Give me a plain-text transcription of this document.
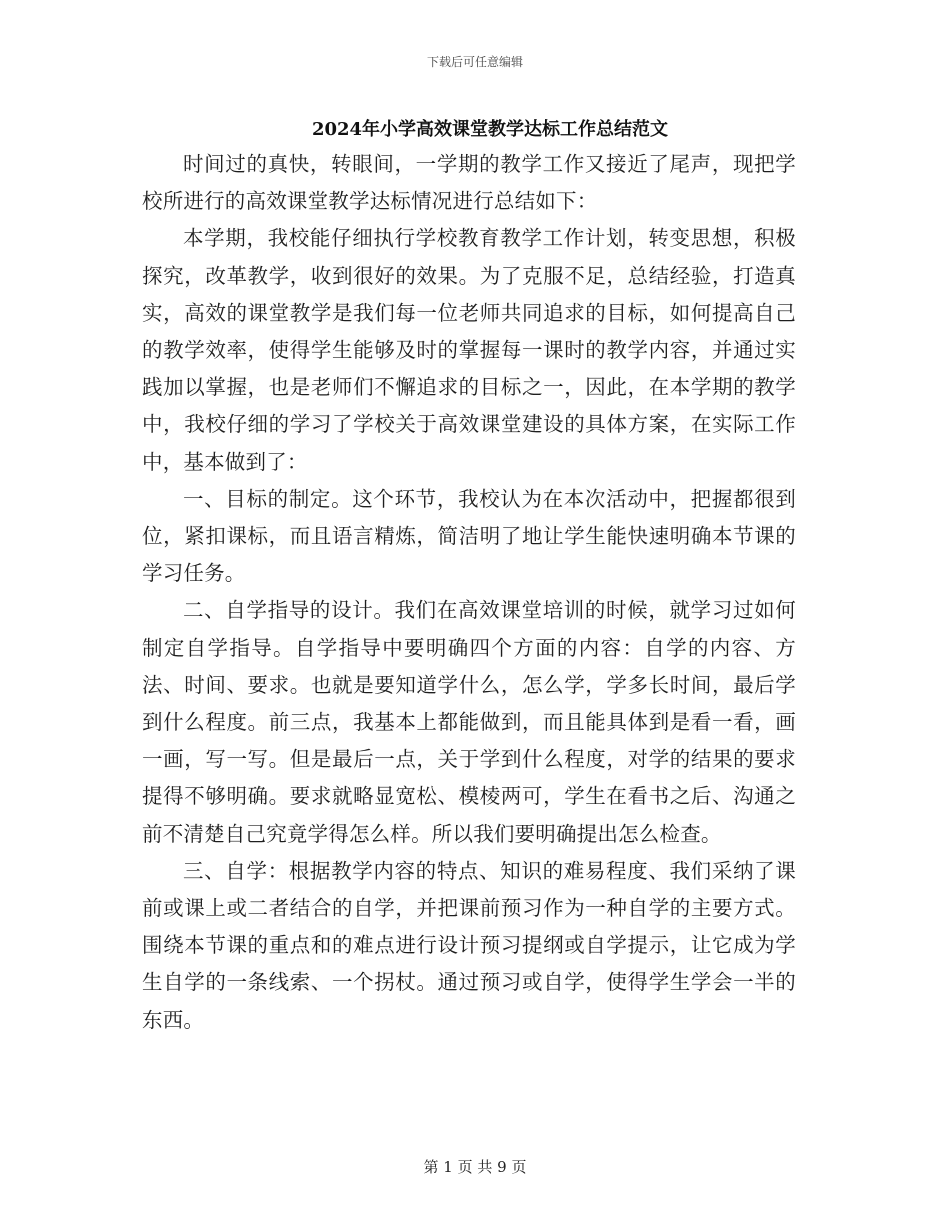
下载后可任意编辑
2024年小学高效课堂教学达标工作总结范文

时间过的真快，转眼间，一学期的教学工作又接近了尾声，现把学校所进行的高效课堂教学达标情况进行总结如下：

本学期，我校能仔细执行学校教育教学工作计划，转变思想，积极探究，改革教学，收到很好的效果。为了克服不足，总结经验，打造真实，高效的课堂教学是我们每一位老师共同追求的目标，如何提高自己的教学效率，使得学生能够及时的掌握每一课时的教学内容，并通过实践加以掌握，也是老师们不懈追求的目标之一，因此，在本学期的教学中，我校仔细的学习了学校关于高效课堂建设的具体方案，在实际工作中，基本做到了：

一、目标的制定。这个环节，我校认为在本次活动中，把握都很到位，紧扣课标，而且语言精炼，简洁明了地让学生能快速明确本节课的学习任务。

二、自学指导的设计。我们在高效课堂培训的时候，就学习过如何制定自学指导。自学指导中要明确四个方面的内容：自学的内容、方法、时间、要求。也就是要知道学什么，怎么学，学多长时间，最后学到什么程度。前三点，我基本上都能做到，而且能具体到是看一看，画一画，写一写。但是最后一点，关于学到什么程度，对学的结果的要求提得不够明确。要求就略显宽松、模棱两可，学生在看书之后、沟通之前不清楚自己究竟学得怎么样。所以我们要明确提出怎么检查。

三、自学：根据教学内容的特点、知识的难易程度、我们采纳了课前或课上或二者结合的自学，并把课前预习作为一种自学的主要方式。围绕本节课的重点和的难点进行设计预习提纲或自学提示，让它成为学生自学的一条线索、一个拐杖。通过预习或自学，使得学生学会一半的东西。

第 1 页 共 9 页
